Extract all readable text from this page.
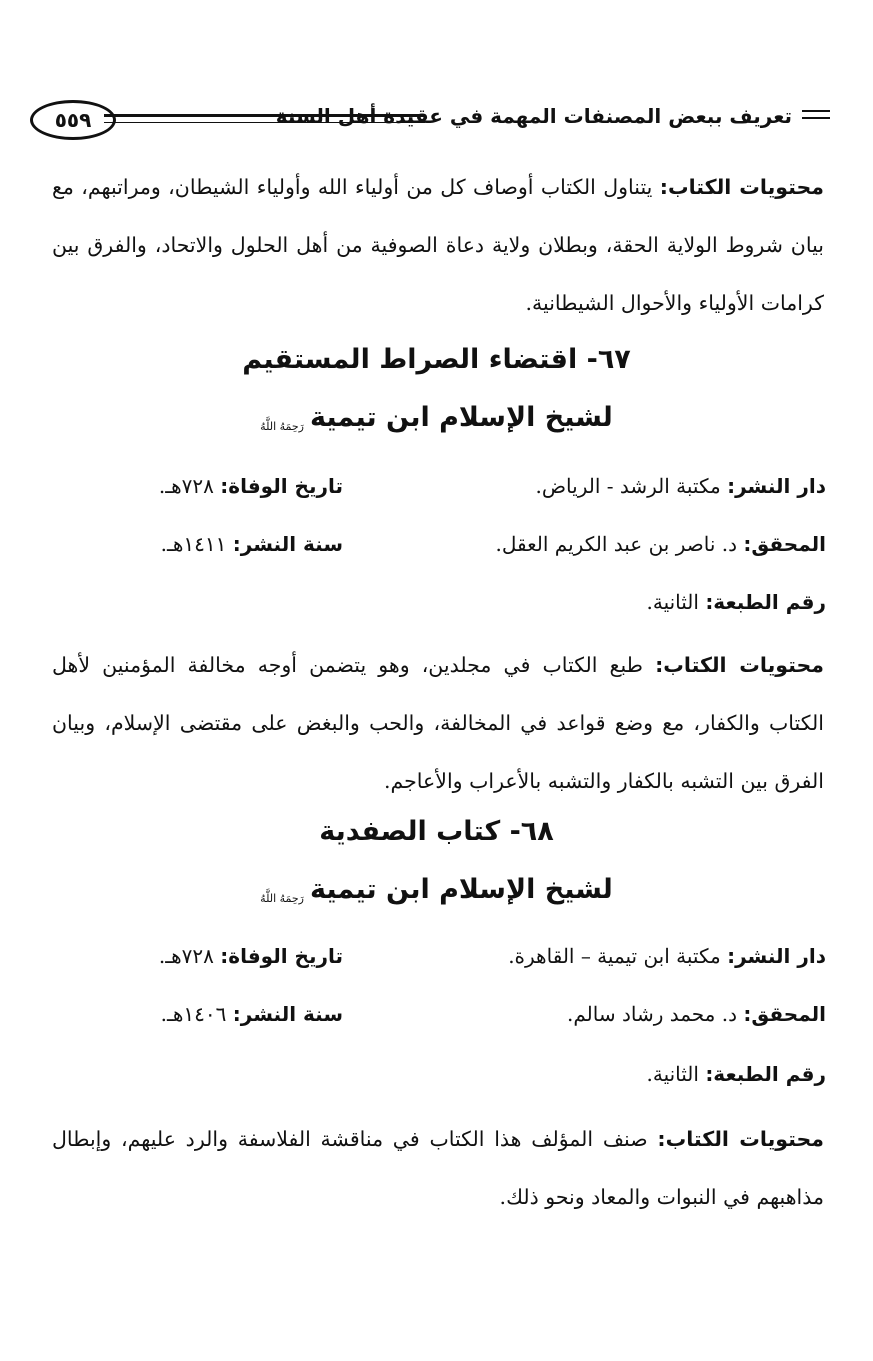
٥٥٩	تعريف ببعض المصنفات المهمة في عقيدة أهل السنة
محتويات الكتاب: يتناول الكتاب أوصاف كل من أولياء الله وأولياء الشيطان، ومراتبهم، مع بيان شروط الولاية الحقة، وبطلان ولاية دعاة الصوفية من أهل الحلول والاتحاد، والفرق بين كرامات الأولياء والأحوال الشيطانية.
٦٧- اقتضاء الصراط المستقيم
لشيخ الإسلام ابن تيميةرَحِمَهُ اللَّهُ
دار النشر: مكتبة الرشد - الرياض.
تاريخ الوفاة: ٧٢٨هـ.
المحقق: د. ناصر بن عبد الكريم العقل.
سنة النشر: ١٤١١هـ.
رقم الطبعة: الثانية.
محتويات الكتاب: طبع الكتاب في مجلدين، وهو يتضمن أوجه مخالفة المؤمنين لأهل الكتاب والكفار، مع وضع قواعد في المخالفة، والحب والبغض على مقتضى الإسلام، وبيان الفرق بين التشبه بالكفار والتشبه بالأعراب والأعاجم.
٦٨- كتاب الصفدية
لشيخ الإسلام ابن تيميةرَحِمَهُ اللَّهُ
دار النشر: مكتبة ابن تيمية – القاهرة.
تاريخ الوفاة: ٧٢٨هـ.
المحقق: د. محمد رشاد سالم.
سنة النشر: ١٤٠٦هـ.
رقم الطبعة: الثانية.
محتويات الكتاب: صنف المؤلف هذا الكتاب في مناقشة الفلاسفة والرد عليهم، وإبطال مذاهبهم في النبوات والمعاد ونحو ذلك.
